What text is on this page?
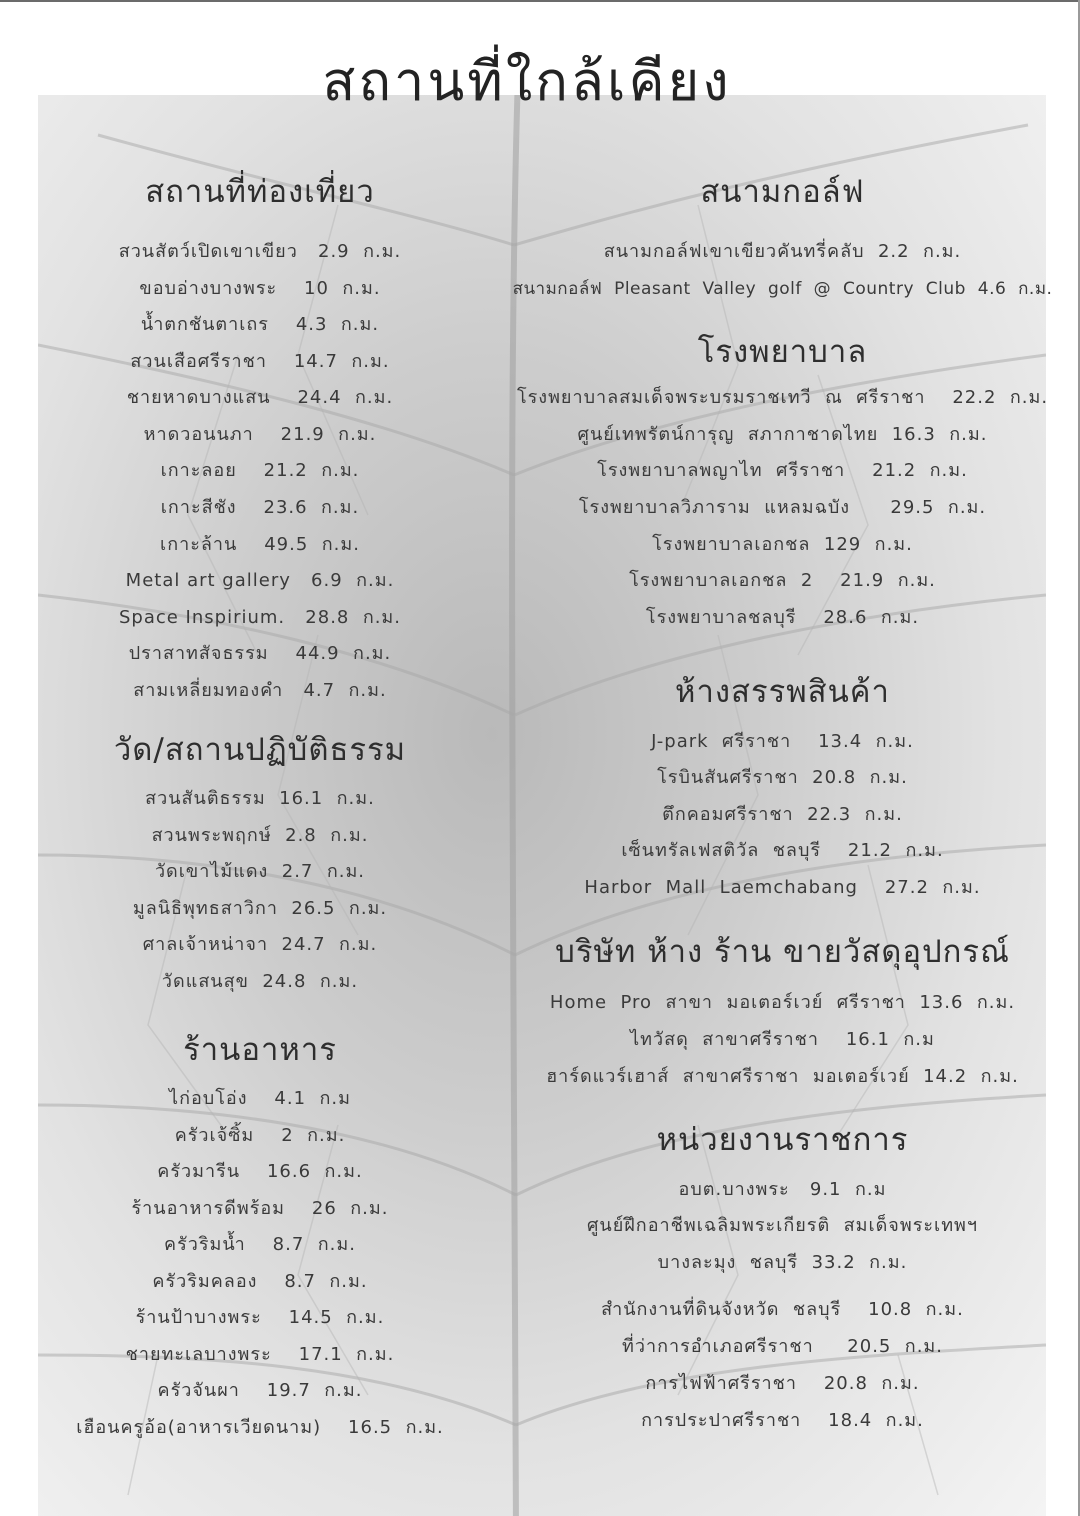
สถานที่ใกล้เคียง
สถานที่ท่องเที่ยว
สวนสัตว์เปิดเขาเขียว   2.9  ก.ม.
ขอบอ่างบางพระ    10  ก.ม.
น้ำตกชันตาเถร    4.3  ก.ม.
สวนเสือศรีราชา    14.7  ก.ม.
ชายหาดบางแสน    24.4  ก.ม.
หาดวอนนภา    21.9  ก.ม.
เกาะลอย    21.2  ก.ม.
เกาะสีชัง    23.6  ก.ม.
เกาะล้าน    49.5  ก.ม.
Metal art gallery   6.9  ก.ม.
Space Inspirium.   28.8  ก.ม.
ปราสาทสัจธรรม    44.9  ก.ม.
สามเหลี่ยมทองคำ   4.7  ก.ม.
วัด/สถานปฏิบัติธรรม
สวนสันติธรรม  16.1  ก.ม.
สวนพระพฤกษ์  2.8  ก.ม.
วัดเขาไม้แดง  2.7  ก.ม.
มูลนิธิพุทธสาวิกา  26.5  ก.ม.
ศาลเจ้าหน่าจา  24.7  ก.ม.
วัดแสนสุข  24.8  ก.ม.
ร้านอาหาร
ไก่อบโอ่ง    4.1  ก.ม
ครัวเจ้ซิ้ม    2  ก.ม.
ครัวมารีน    16.6  ก.ม.
ร้านอาหารดีพร้อม    26  ก.ม.
ครัวริมน้ำ    8.7  ก.ม.
ครัวริมคลอง    8.7  ก.ม.
ร้านป้าบางพระ    14.5  ก.ม.
ชายทะเลบางพระ    17.1  ก.ม.
ครัวจันผา    19.7  ก.ม.
เฮือนครูอ้อ(อาหารเวียดนาม)    16.5  ก.ม.
สนามกอล์ฟ
สนามกอล์ฟเขาเขียวคันทรี่คลับ  2.2  ก.ม.
สนามกอล์ฟ  Pleasant  Valley  golf  @  Country  Club  4.6  ก.ม.
โรงพยาบาล
โรงพยาบาลสมเด็จพระบรมราชเทวี  ณ  ศรีราชา    22.2  ก.ม.
ศูนย์เทพรัตน์การุญ  สภากาชาดไทย  16.3  ก.ม.
โรงพยาบาลพญาไท  ศรีราชา    21.2  ก.ม.
โรงพยาบาลวิภาราม  แหลมฉบัง      29.5  ก.ม.
โรงพยาบาลเอกชล  129  ก.ม.
โรงพยาบาลเอกชล  2    21.9  ก.ม.
โรงพยาบาลชลบุรี    28.6  ก.ม.
ห้างสรรพสินค้า
J-park  ศรีราชา    13.4  ก.ม.
โรบินสันศรีราชา  20.8  ก.ม.
ตึกคอมศรีราชา  22.3  ก.ม.
เซ็นทรัลเฟสติวัล  ชลบุรี    21.2  ก.ม.
Harbor  Mall  Laemchabang    27.2  ก.ม.
บริษัท ห้าง ร้าน ขายวัสดุอุปกรณ์
Home  Pro  สาขา  มอเตอร์เวย์  ศรีราชา  13.6  ก.ม.
ไทวัสดุ  สาขาศรีราชา    16.1  ก.ม
ฮาร์ดแวร์เฮาส์  สาขาศรีราชา  มอเตอร์เวย์  14.2  ก.ม.
หน่วยงานราชการ
อบต.บางพระ   9.1  ก.ม
ศูนย์ฝึกอาชีพเฉลิมพระเกียรติ  สมเด็จพระเทพฯ
บางละมุง  ชลบุรี  33.2  ก.ม.
สำนักงานที่ดินจังหวัด  ชลบุรี    10.8  ก.ม.
ที่ว่าการอำเภอศรีราชา     20.5  ก.ม.
การไฟฟ้าศรีราชา    20.8  ก.ม.
การประปาศรีราชา    18.4  ก.ม.
